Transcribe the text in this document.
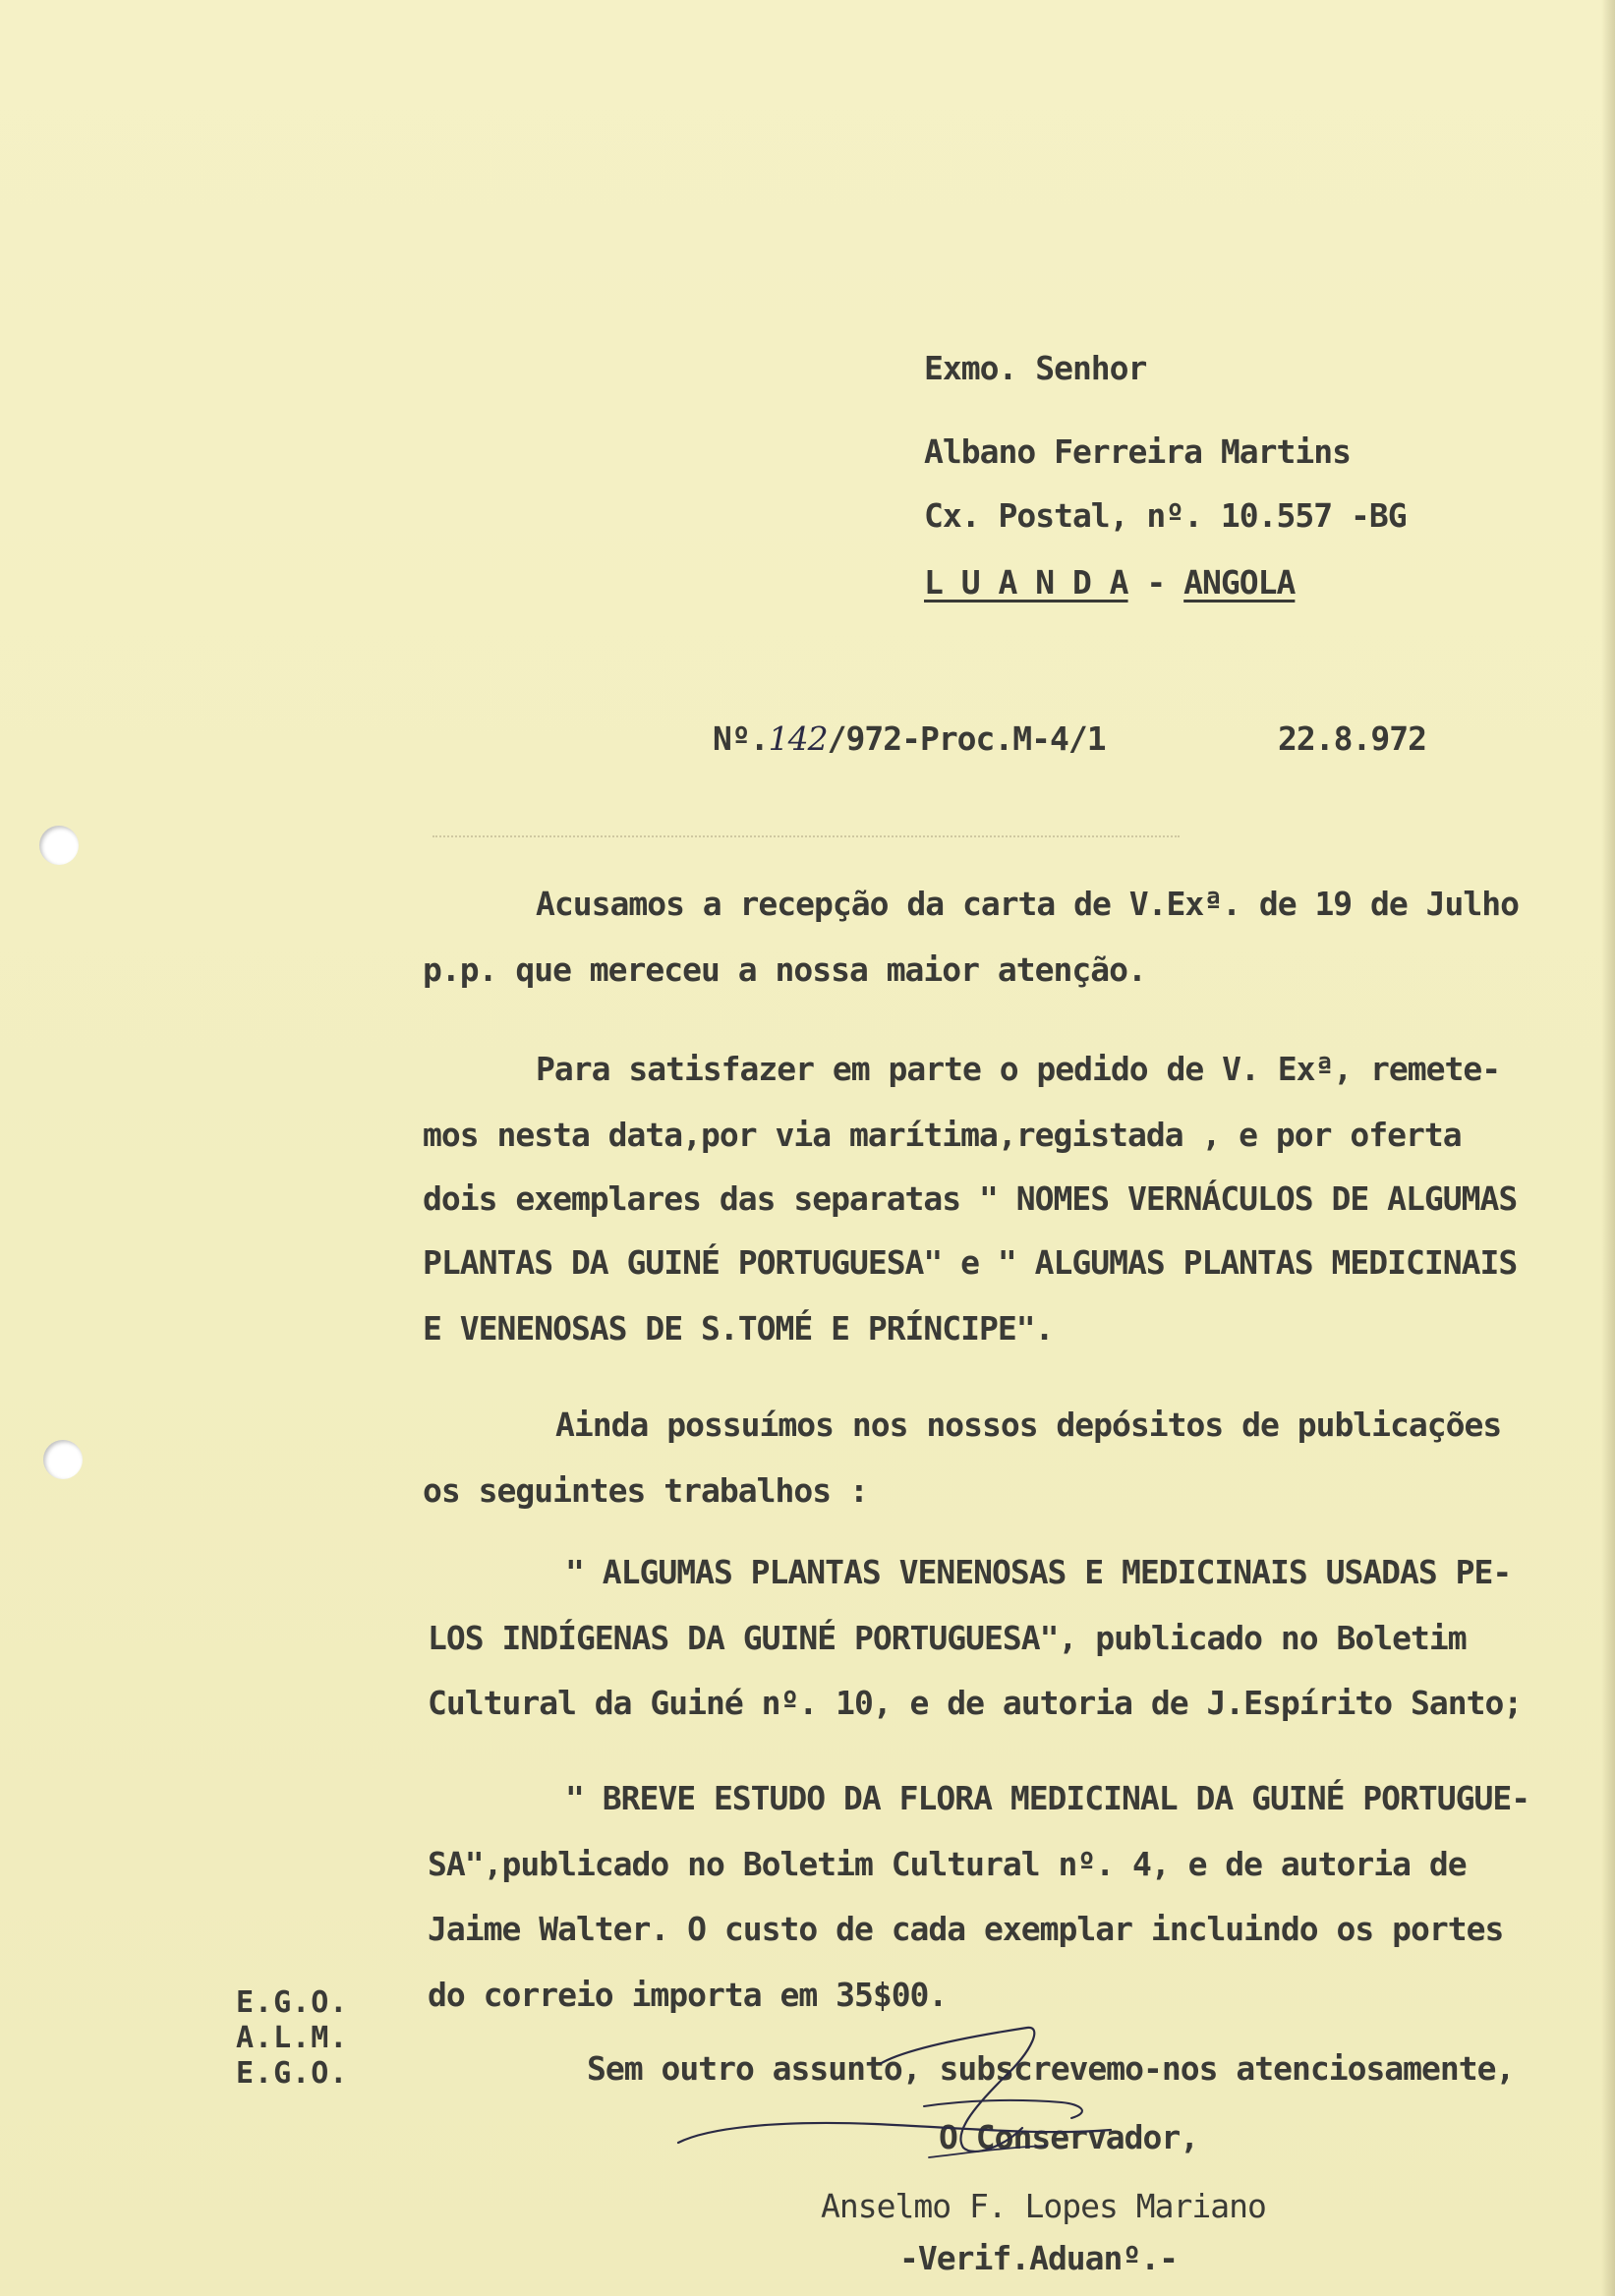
Exmo. Senhor
Albano Ferreira Martins
Cx. Postal, nº. 10.557 -BG
L U A N D A - ANGOLA
Nº.142/972-Proc.M-4/1	22.8.972
Acusamos a recepção da carta de V.Exª. de 19 de Julho
p.p. que mereceu a nossa maior atenção.
Para satisfazer em parte o pedido de V. Exª, remete-
mos nesta data,por via marítima,registada , e por oferta
dois exemplares das separatas " NOMES VERNÁCULOS DE ALGUMAS
PLANTAS DA GUINÉ PORTUGUESA" e " ALGUMAS PLANTAS MEDICINAIS
E VENENOSAS DE S.TOMÉ E PRÍNCIPE".
Ainda possuímos nos nossos depósitos de publicações
os seguintes trabalhos :
" ALGUMAS PLANTAS VENENOSAS E MEDICINAIS USADAS PE-
LOS INDÍGENAS DA GUINÉ PORTUGUESA", publicado no Boletim
Cultural da Guiné nº. 10, e de autoria de J.Espírito Santo;
" BREVE ESTUDO DA FLORA MEDICINAL DA GUINÉ PORTUGUE-
SA",publicado no Boletim Cultural nº. 4, e de autoria de
Jaime Walter. O custo de cada exemplar incluindo os portes
do correio importa em 35$00.
Sem outro assunto, subscrevemo-nos atenciosamente,
E.G.O.
A.L.M.
E.G.O.
O Conservador,
Anselmo F. Lopes Mariano
-Verif.Aduanº.-
